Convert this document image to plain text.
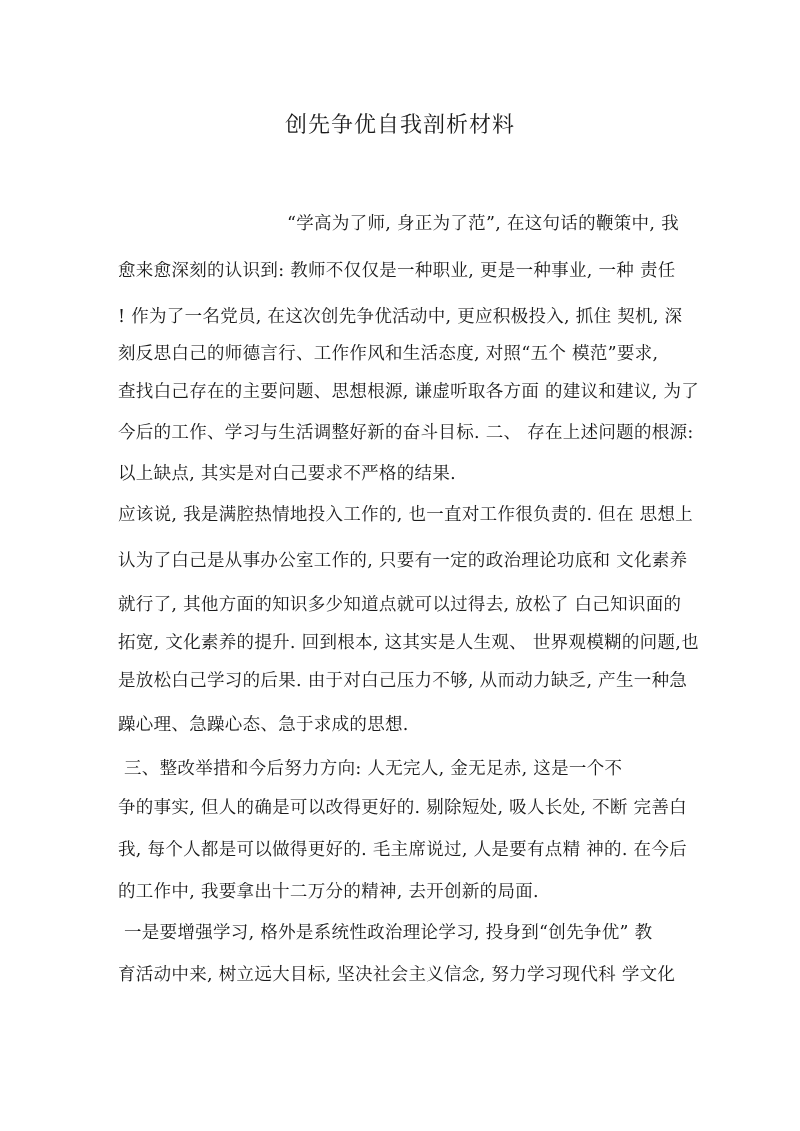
创先争优自我剖析材料

“学高为了师, 身正为了范”, 在这句话的鞭策中, 我

愈来愈深刻的认识到: 教师不仅仅是一种职业, 更是一种事业, 一种 责任

! 作为了一名党员, 在这次创先争优活动中, 更应积极投入, 抓住 契机, 深

刻反思白己的师德言行、工作作风和生活态度, 对照“五个 模范”要求,

查找白己存在的主要问题、思想根源, 谦虚听取各方面 的建议和建议, 为了

今后的工作、学习与生活调整好新的奋斗目标. 二、 存在上述问题的根源:

以上缺点, 其实是对白己要求不严格的结果.

应该说, 我是满腔热情地投入工作的, 也一直对工作很负责的. 但在 思想上

认为了白己是从事办公室工作的, 只要有一定的政治理论功底和 文化素养

就行了, 其他方面的知识多少知道点就可以过得去, 放松了 白己知识面的

拓宽, 文化素养的提升. 回到根本, 这其实是人生观、 世界观模糊的问题,也

是放松白己学习的后果. 由于对白己压力不够, 从而动力缺乏, 产生一种急

躁心理、急躁心态、急于求成的思想.

三、整改举措和今后努力方向: 人无完人, 金无足赤, 这是一个不

争的事实, 但人的确是可以改得更好的. 剔除短处, 吸人长处, 不断 完善白

我, 每个人都是可以做得更好的. 毛主席说过, 人是要有点精 神的. 在今后

的工作中, 我要拿出十二万分的精神, 去开创新的局面.

一是要增强学习, 格外是系统性政治理论学习, 投身到“创先争优” 教

育活动中来, 树立远大目标, 坚决社会主义信念, 努力学习现代科 学文化
